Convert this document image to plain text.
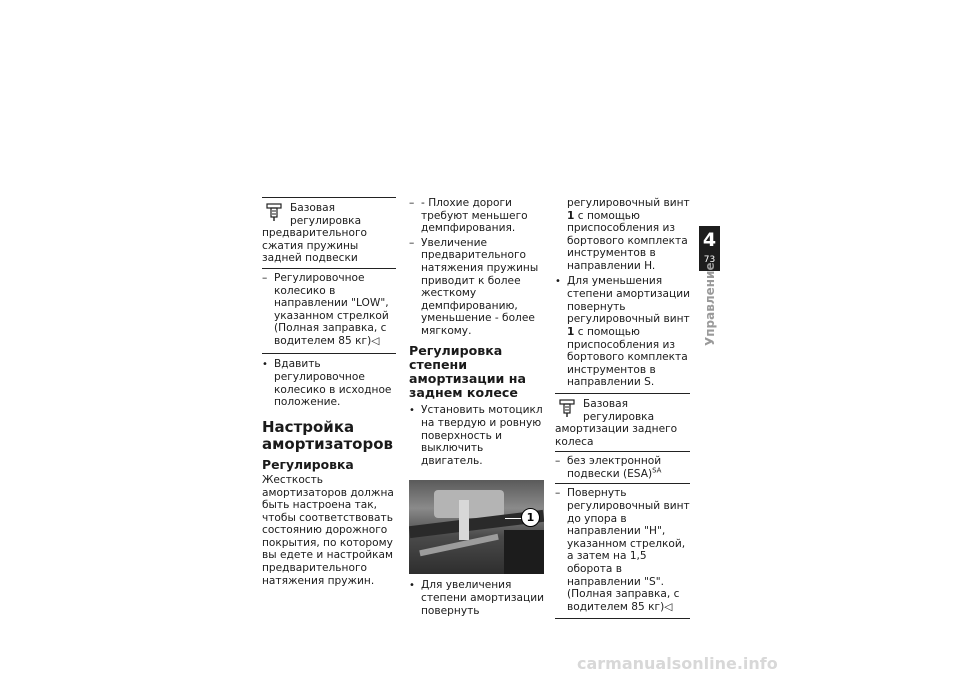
Базовая регулировка предварительного сжатия пружины задней подвески

– Регулировочное колесико в направлении "LOW", указанном стрелкой (Полная заправка, с водителем 85 кг)◁

• Вдавить регулировочное колесико в исходное положение.

Настройка амортизаторов
Регулировка

Жесткость амортизаторов должна быть настроена так, чтобы соответствовать состоянию дорожного покрытия, по которому вы едете и настройкам предварительного натяжения пружин.

– - Плохие дороги требуют меньшего демпфирования.

– Увеличение предварительного натяжения пружины приводит к более жесткому демпфированию, уменьшение - более мягкому.

Регулировка степени амортизации на заднем колесе

• Установить мотоцикл на твердую и ровную поверхность и выключить двигатель.

1

• Для увеличения степени амортизации повернуть

регулировочный винт 1 с помощью приспособления из бортового комплекта инструментов в направлении H.

• Для уменьшения степени амортизации повернуть регулировочный винт 1 с помощью приспособления из бортового комплекта инструментов в направлении S.

Базовая регулировка амортизации заднего колеса

– без электронной подвески (ESA)$^{SA}$

– Повернуть регулировочный винт до упора в направлении "H", указанном стрелкой, а затем на 1,5 оборота в направлении "S". (Полная заправка, с водителем 85 кг)◁

4
73
Управление
carmanualsonline.info
